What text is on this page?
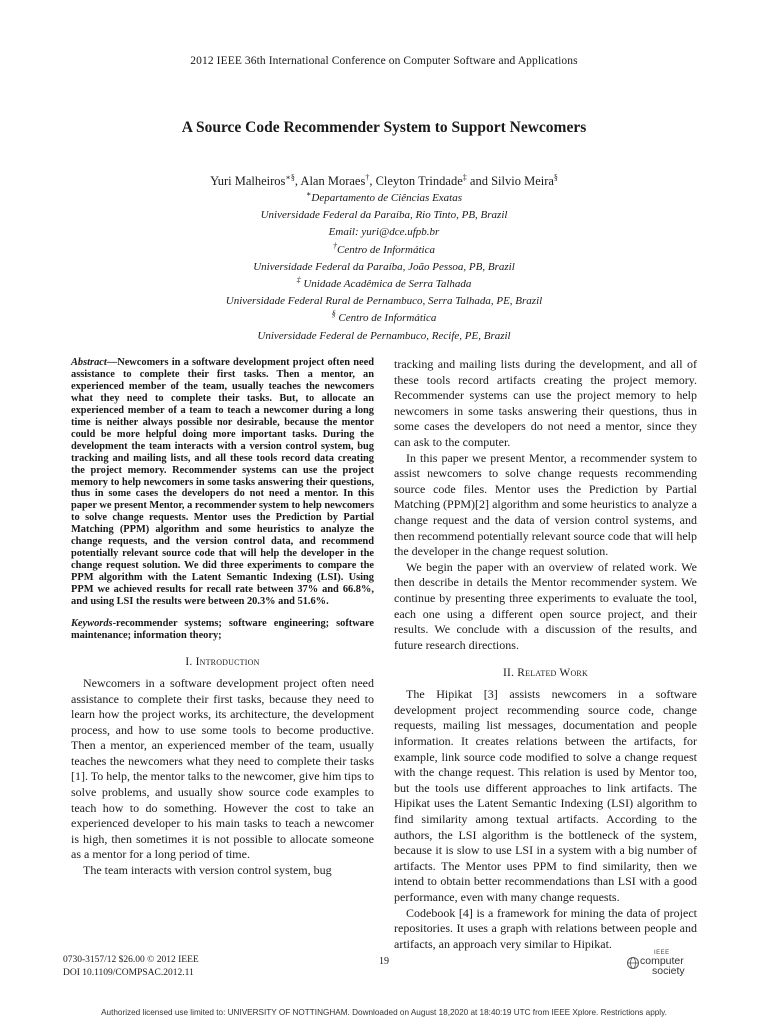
2012 IEEE 36th International Conference on Computer Software and Applications
A Source Code Recommender System to Support Newcomers
Yuri Malheiros∗§, Alan Moraes†, Cleyton Trindade‡ and Silvio Meira§
∗Departamento de Ciências Exatas
Universidade Federal da Paraíba, Rio Tinto, PB, Brazil
Email: yuri@dce.ufpb.br
†Centro de Informática
Universidade Federal da Paraíba, João Pessoa, PB, Brazil
‡ Unidade Acadêmica de Serra Talhada
Universidade Federal Rural de Pernambuco, Serra Talhada, PE, Brazil
§ Centro de Informática
Universidade Federal de Pernambuco, Recife, PE, Brazil

Abstract—Newcomers in a software development project often need assistance to complete their first tasks. Then a mentor, an experienced member of the team, usually teaches the newcomers what they need to complete their tasks. But, to allocate an experienced member of a team to teach a newcomer during a long time is neither always possible nor desirable, because the mentor could be more helpful doing more important tasks. During the development the team interacts with a version control system, bug tracking and mailing lists, and all these tools record data creating the project memory. Recommender systems can use the project memory to help newcomers in some tasks answering their questions, thus in some cases the developers do not need a mentor. In this paper we present Mentor, a recommender system to help newcomers to solve change requests. Mentor uses the Prediction by Partial Matching (PPM) algorithm and some heuristics to analyze the change requests, and the version control data, and recommend potentially relevant source code that will help the developer in the change request solution. We did three experiments to compare the PPM algorithm with the Latent Semantic Indexing (LSI). Using PPM we achieved results for recall rate between 37% and 66.8%, and using LSI the results were between 20.3% and 51.6%.

Keywords-recommender systems; software engineering; software maintenance; information theory;

I. Introduction

Newcomers in a software development project often need assistance to complete their first tasks, because they need to learn how the project works, its architecture, the development process, and how to use some tools to become productive. Then a mentor, an experienced member of the team, usually teaches the newcomers what they need to complete their tasks [1]. To help, the mentor talks to the newcomer, give him tips to solve problems, and usually show source code examples to teach how to do something. However the cost to take an experienced developer to his main tasks to teach a newcomer is high, then sometimes it is not possible to allocate someone as a mentor for a long period of time.

The team interacts with version control system, bug

tracking and mailing lists during the development, and all of these tools record artifacts creating the project memory. Recommender systems can use the project memory to help newcomers in some tasks answering their questions, thus in some cases the developers do not need a mentor, since they can ask to the computer.

In this paper we present Mentor, a recommender system to assist newcomers to solve change requests recommending source code files. Mentor uses the Prediction by Partial Matching (PPM)[2] algorithm and some heuristics to analyze a change request and the data of version control systems, and then recommend potentially relevant source code that will help the developer in the change request solution.

We begin the paper with an overview of related work. We then describe in details the Mentor recommender system. We continue by presenting three experiments to evaluate the tool, each one using a different open source project, and their results. We conclude with a discussion of the results, and future research directions.

II. Related Work

The Hipikat [3] assists newcomers in a software development project recommending source code, change requests, mailing list messages, documentation and people information. It creates relations between the artifacts, for example, link source code modified to solve a change request with the change request. This relation is used by Mentor too, but the tools use different approaches to link artifacts. The Hipikat uses the Latent Semantic Indexing (LSI) algorithm to find similarity among textual artifacts. According to the authors, the LSI algorithm is the bottleneck of the system, because it is slow to use LSI in a system with a big number of artifacts. The Mentor uses PPM to find similarity, then we intend to obtain better recommendations than LSI with a good performance, even with many change requests.

Codebook [4] is a framework for mining the data of project repositories. It uses a graph with relations between people and artifacts, an approach very similar to Hipikat.

0730-3157/12 $26.00 © 2012 IEEE
DOI 10.1109/COMPSAC.2012.11
19
IEEE
computer
society
Authorized licensed use limited to: UNIVERSITY OF NOTTINGHAM. Downloaded on August 18,2020 at 18:40:19 UTC from IEEE Xplore. Restrictions apply.
